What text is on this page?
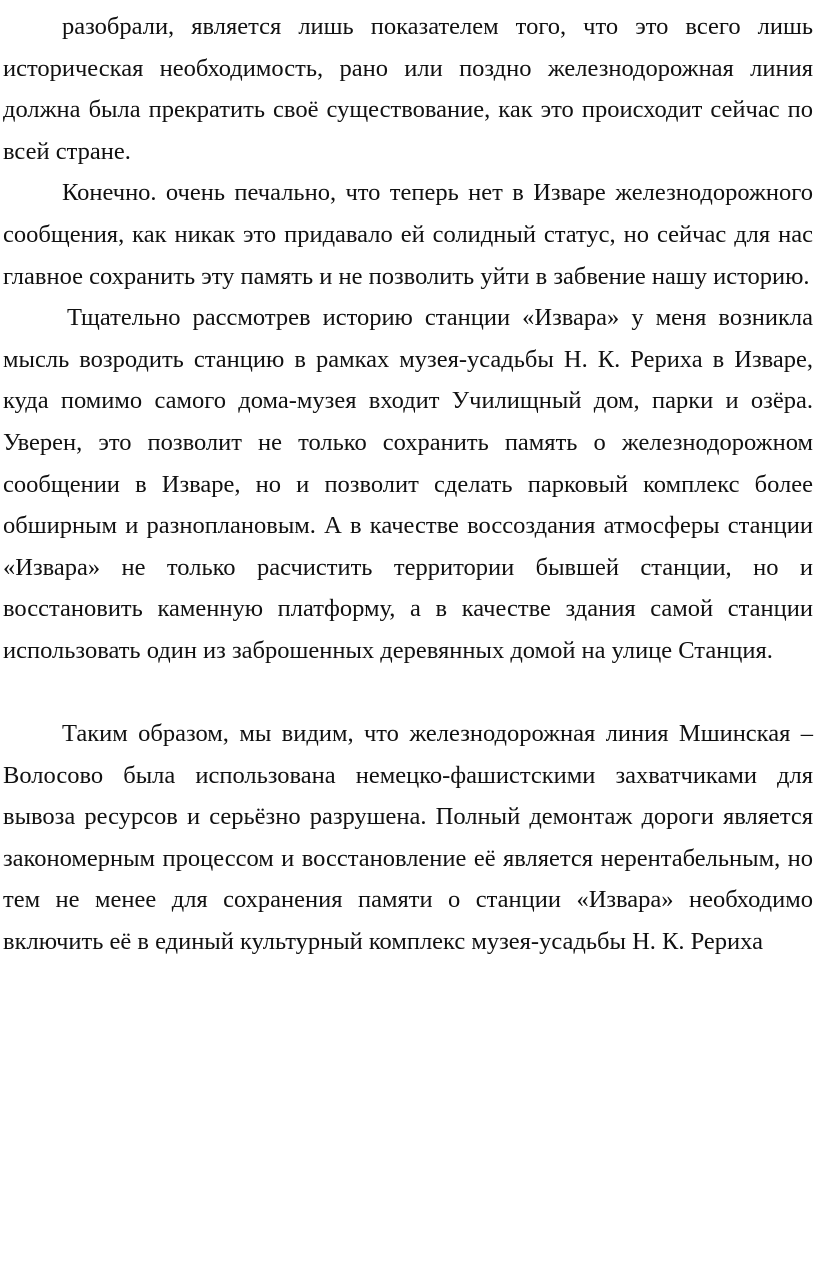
разобрали, является лишь показателем того, что это всего лишь историческая необходимость, рано или поздно железнодорожная линия должна была прекратить своё существование, как это происходит сейчас по всей стране.

Конечно. очень печально, что теперь нет в Изваре железнодорожного сообщения, как никак это придавало ей солидный статус, но сейчас для нас главное сохранить эту память и не позволить уйти в забвение нашу историю.

Тщательно рассмотрев историю станции «Извара» у меня возникла мысль возродить станцию в рамках музея-усадьбы Н. К. Рериха в Изваре, куда помимо самого дома-музея входит Училищный дом, парки и озёра. Уверен, это позволит не только сохранить память о железнодорожном сообщении в Изваре, но и позволит сделать парковый комплекс более обширным и разноплановым. А в качестве воссоздания атмосферы станции «Извара» не только расчистить территории бывшей станции, но и восстановить каменную платформу, а в качестве здания самой станции использовать один из заброшенных деревянных домой на улице Станция.

Таким образом, мы видим, что железнодорожная линия Мшинская – Волосово была использована немецко-фашистскими захватчиками для вывоза ресурсов и серьёзно разрушена. Полный демонтаж дороги является закономерным процессом и восстановление её является нерентабельным, но тем не менее для сохранения памяти о станции «Извара» необходимо включить её в единый культурный комплекс музея-усадьбы Н. К. Рериха
